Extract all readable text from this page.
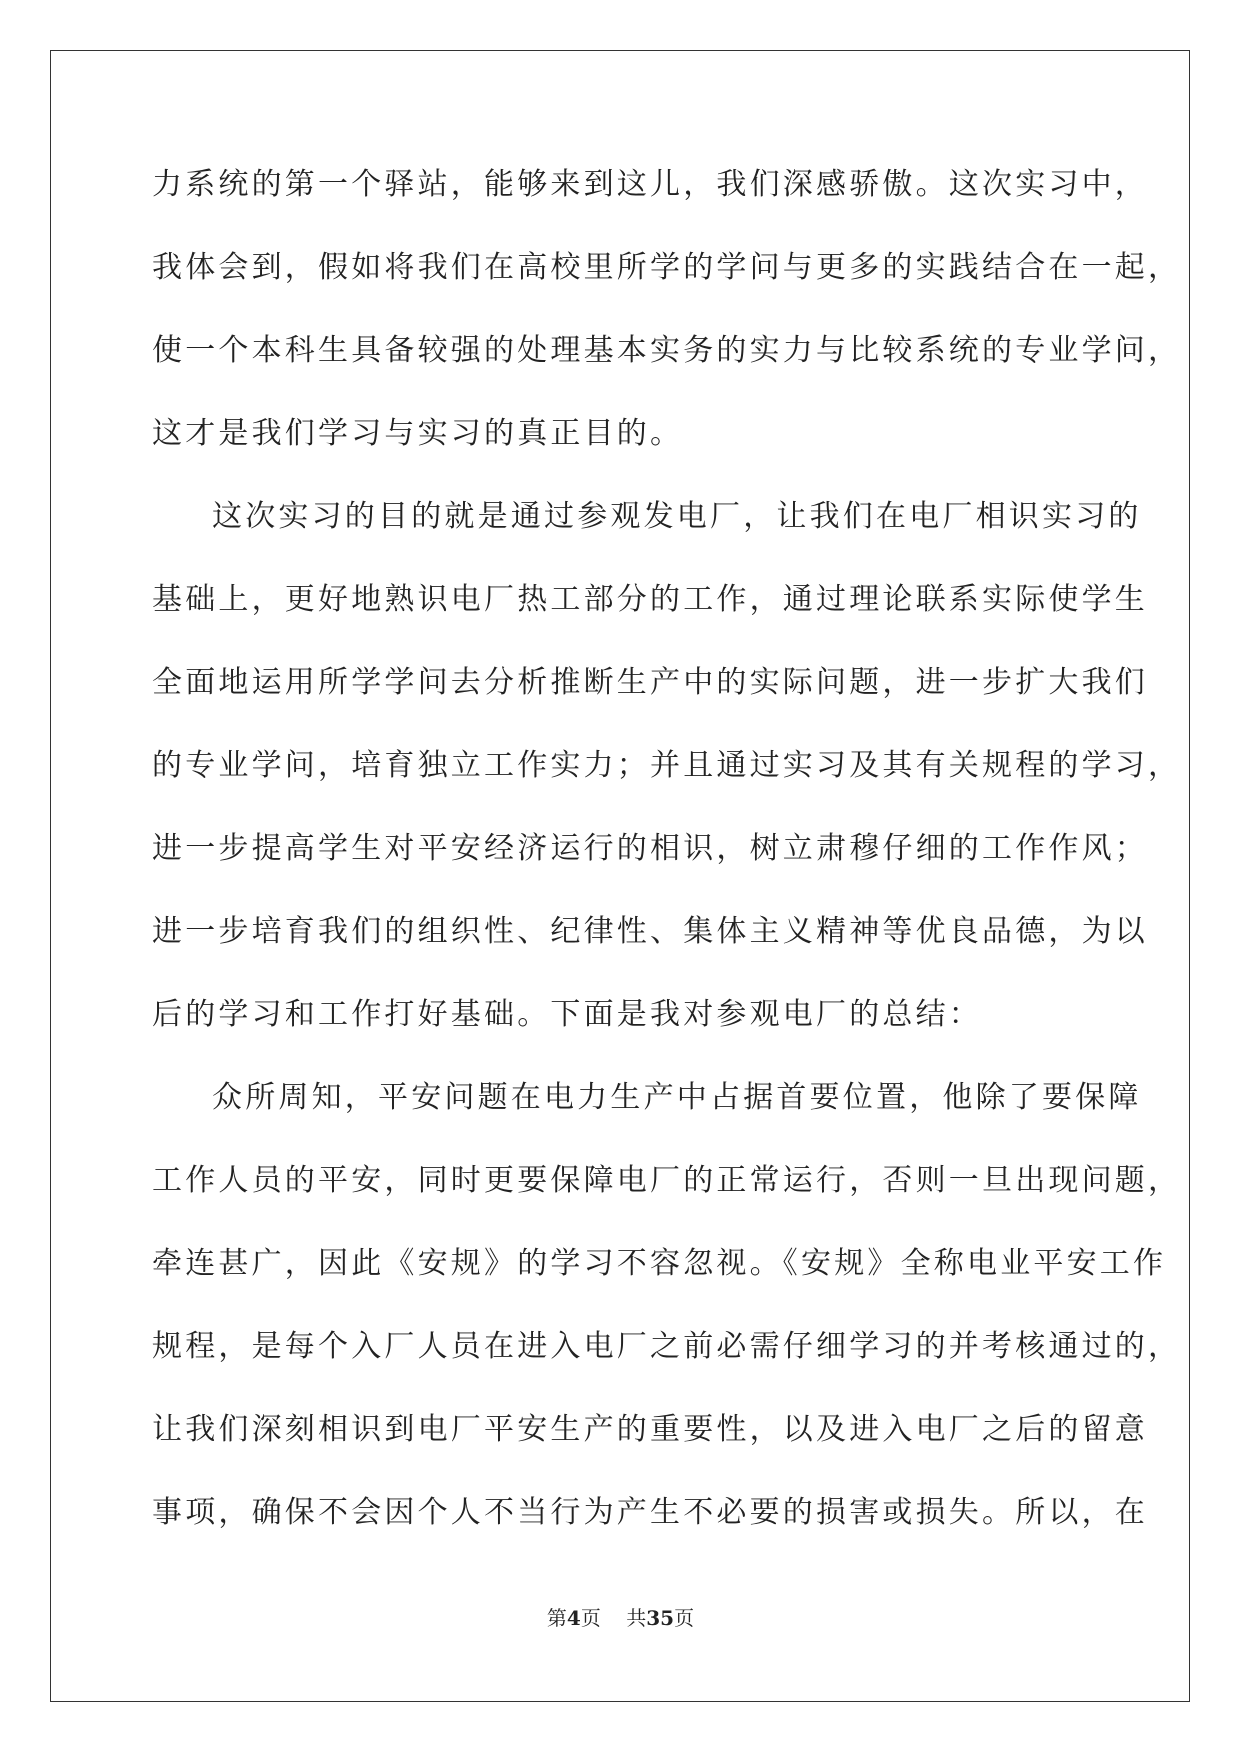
力系统的第一个驿站，能够来到这儿，我们深感骄傲。这次实习中，
我体会到，假如将我们在高校里所学的学问与更多的实践结合在一起，
使一个本科生具备较强的处理基本实务的实力与比较系统的专业学问，
这才是我们学习与实习的真正目的。
这次实习的目的就是通过参观发电厂，让我们在电厂相识实习的
基础上，更好地熟识电厂热工部分的工作，通过理论联系实际使学生
全面地运用所学学问去分析推断生产中的实际问题，进一步扩大我们
的专业学问，培育独立工作实力；并且通过实习及其有关规程的学习，
进一步提高学生对平安经济运行的相识，树立肃穆仔细的工作作风；
进一步培育我们的组织性、纪律性、集体主义精神等优良品德，为以
后的学习和工作打好基础。下面是我对参观电厂的总结：
众所周知，平安问题在电力生产中占据首要位置，他除了要保障
工作人员的平安，同时更要保障电厂的正常运行，否则一旦出现问题，
牵连甚广，因此《安规》的学习不容忽视。《安规》全称电业平安工作
规程，是每个入厂人员在进入电厂之前必需仔细学习的并考核通过的，
让我们深刻相识到电厂平安生产的重要性，以及进入电厂之后的留意
事项，确保不会因个人不当行为产生不必要的损害或损失。所以，在
第4页 共35页
